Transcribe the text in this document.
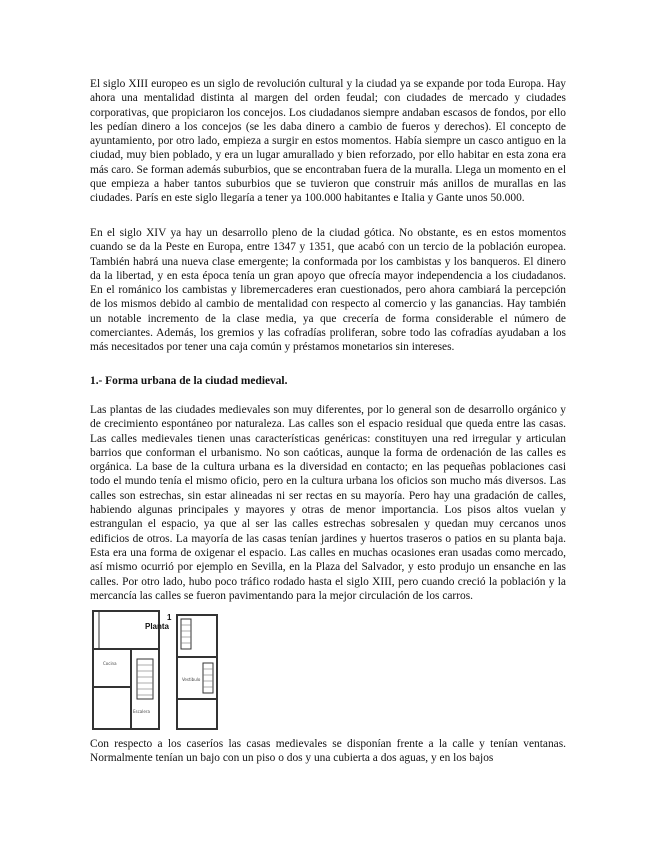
El siglo XIII europeo es un siglo de revolución cultural y la ciudad ya se expande por toda Europa. Hay ahora una mentalidad distinta al margen del orden feudal; con ciudades de mercado y ciudades corporativas, que propiciaron los concejos. Los ciudadanos siempre andaban escasos de fondos, por ello les pedían dinero a los concejos (se les daba dinero a cambio de fueros y derechos). El concepto de ayuntamiento, por otro lado, empieza a surgir en estos momentos. Había siempre un casco antiguo en la ciudad, muy bien poblado, y era un lugar amurallado y bien reforzado, por ello habitar en esta zona era más caro. Se forman además suburbios, que se encontraban fuera de la muralla. Llega un momento en el que empieza a haber tantos suburbios que se tuvieron que construir más anillos de murallas en las ciudades. París en este siglo llegaría a tener ya 100.000 habitantes e Italia y Gante unos 50.000.

En el siglo XIV ya hay un desarrollo pleno de la ciudad gótica. No obstante, es en estos momentos cuando se da la Peste en Europa, entre 1347 y 1351, que acabó con un tercio de la población europea. También habrá una nueva clase emergente; la conformada por los cambistas y los banqueros. El dinero da la libertad, y en esta época tenía un gran apoyo que ofrecía mayor independencia a los ciudadanos. En el románico los cambistas y libremercaderes eran cuestionados, pero ahora cambiará la percepción de los mismos debido al cambio de mentalidad con respecto al comercio y las ganancias. Hay también un notable incremento de la clase media, ya que crecería de forma considerable el número de comerciantes. Además, los gremios y las cofradías proliferan, sobre todo las cofradías ayudaban a los más necesitados por tener una caja común y préstamos monetarios sin intereses.

1.- Forma urbana de la ciudad medieval.

Las plantas de las ciudades medievales son muy diferentes, por lo general son de desarrollo orgánico y de crecimiento espontáneo por naturaleza. Las calles son el espacio residual que queda entre las casas. Las calles medievales tienen unas características genéricas: constituyen una red irregular y articulan barrios que conforman el urbanismo. No son caóticas, aunque la forma de ordenación de las calles es orgánica. La base de la cultura urbana es la diversidad en contacto; en las pequeñas poblaciones casi todo el mundo tenía el mismo oficio, pero en la cultura urbana los oficios son mucho más diversos. Las calles son estrechas, sin estar alineadas ni ser rectas en su mayoría. Pero hay una gradación de calles, habiendo algunas principales y mayores y otras de menor importancia. Los pisos altos vuelan y estrangulan el espacio, ya que al ser las calles estrechas sobresalen y quedan muy cercanos unos edificios de otros. La mayoría de las casas tenían jardines y huertos traseros o patios en su planta baja. Esta era una forma de oxigenar el espacio. Las calles en muchas ocasiones eran usadas como mercado, así mismo ocurrió por ejemplo en Sevilla, en la Plaza del Salvador, y esto produjo un ensanche en las calles. Por otro lado, hubo poco tráfico rodado hasta el siglo XIII, pero cuando creció la población y la mercancía las calles se fueron pavimentando para la mejor circulación de los carros.

Cocina
Escalera
Vestibulo
1
Planta

Con respecto a los caseríos las casas medievales se disponían frente a la calle y tenían ventanas. Normalmente tenían un bajo con un piso o dos y una cubierta a dos aguas, y en los bajos
